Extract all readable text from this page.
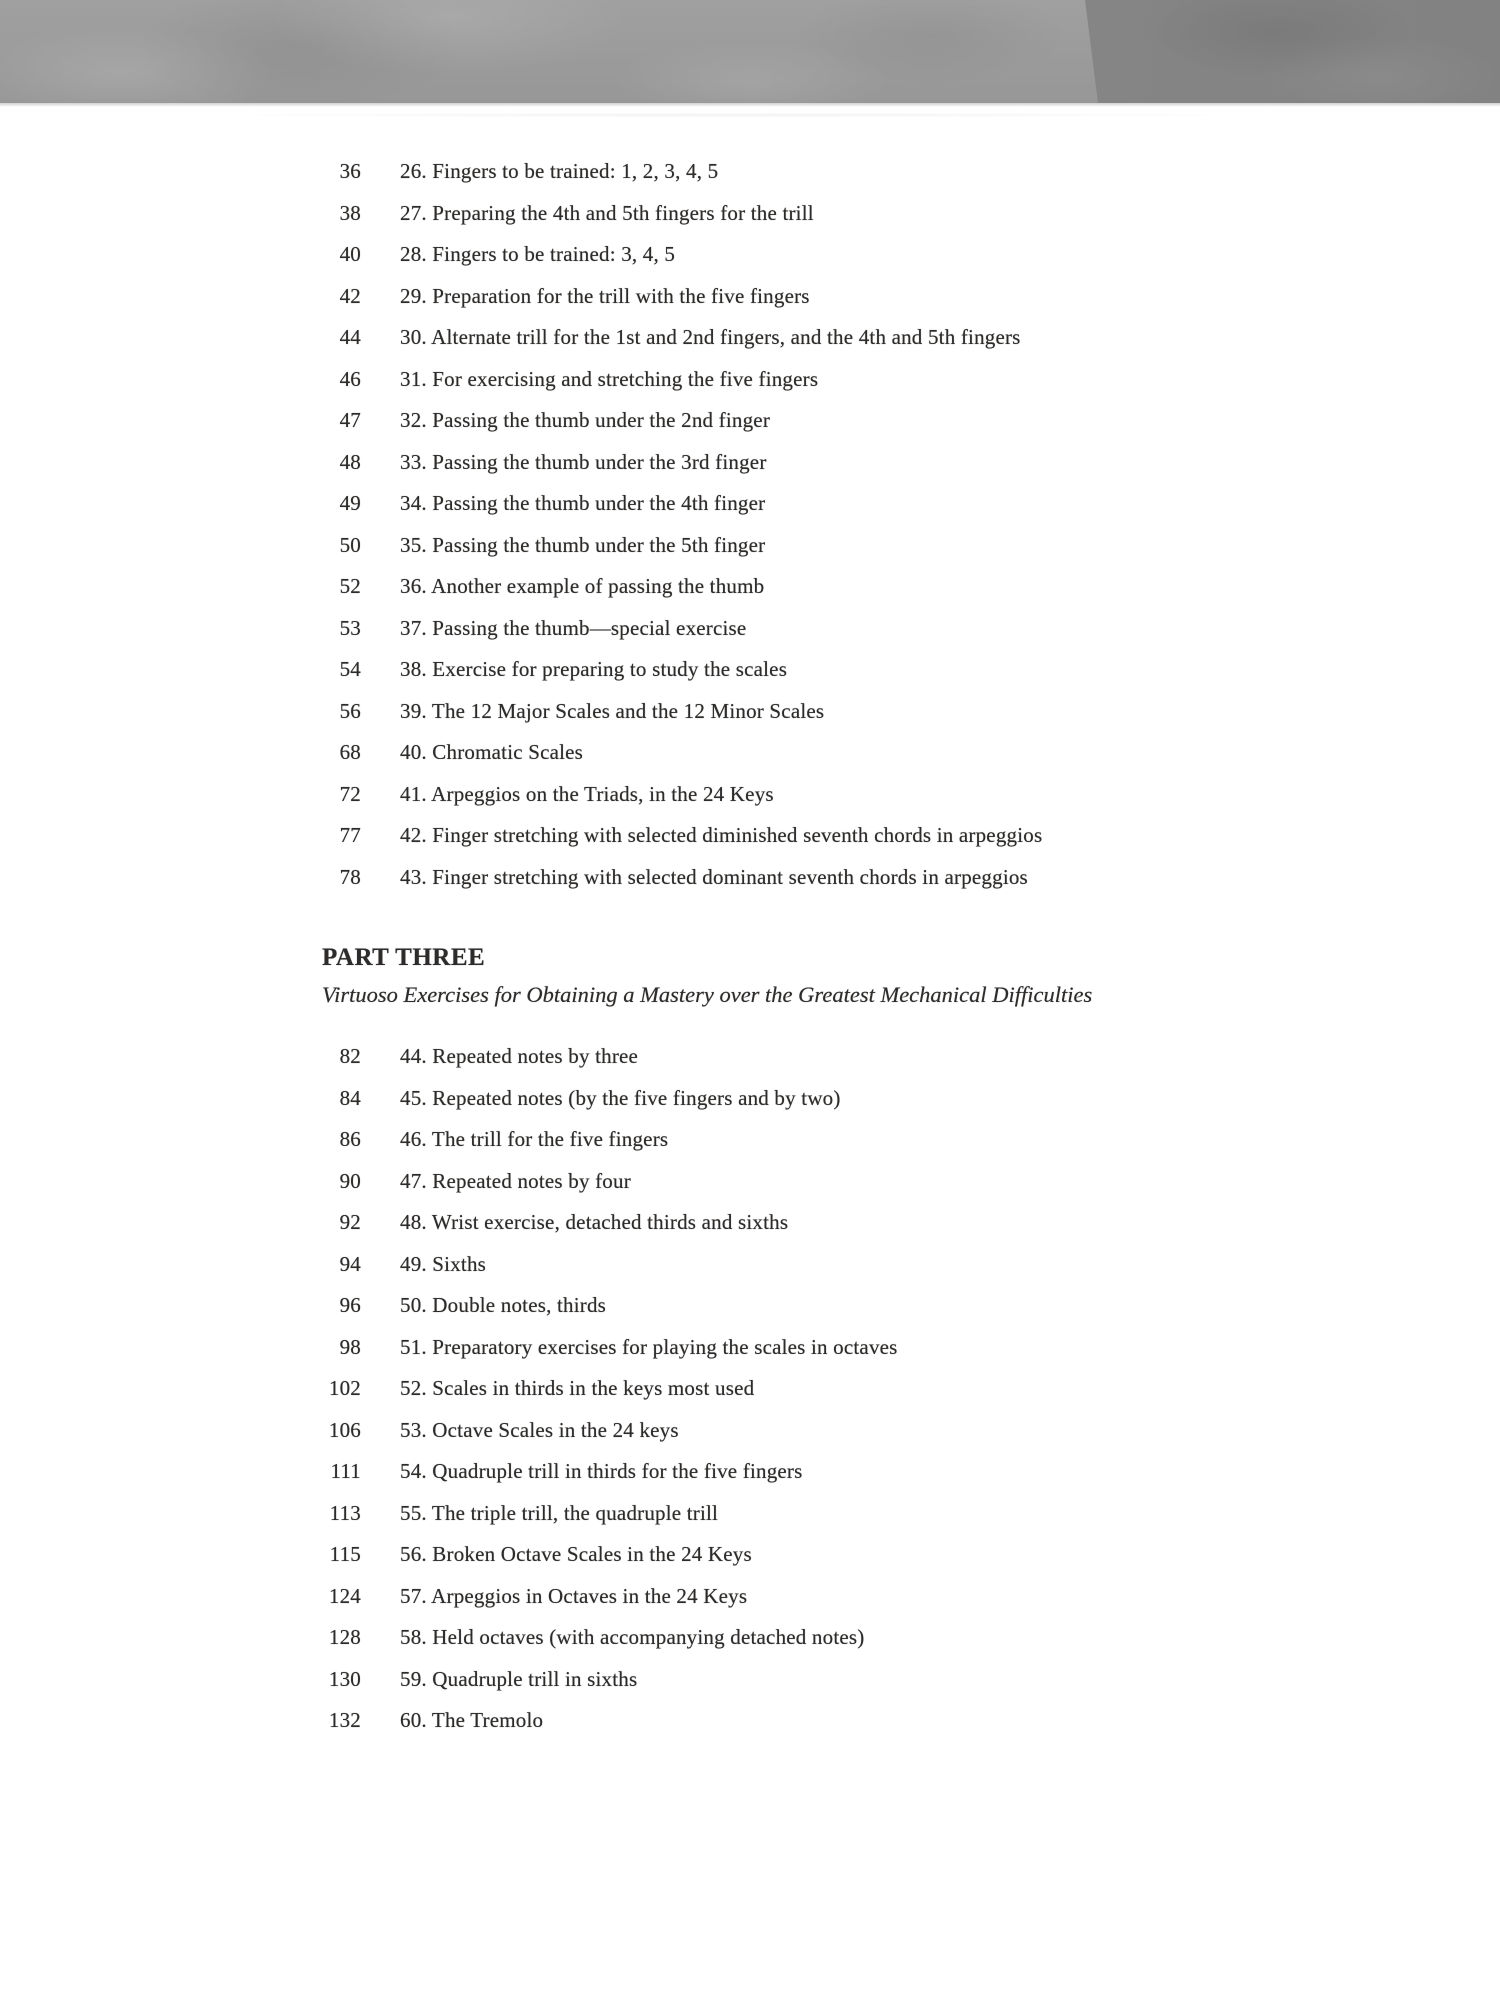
36 26. Fingers to be trained: 1, 2, 3, 4, 5
38 27. Preparing the 4th and 5th fingers for the trill
40 28. Fingers to be trained: 3, 4, 5
42 29. Preparation for the trill with the five fingers
44 30. Alternate trill for the 1st and 2nd fingers, and the 4th and 5th fingers
46 31. For exercising and stretching the five fingers
47 32. Passing the thumb under the 2nd finger
48 33. Passing the thumb under the 3rd finger
49 34. Passing the thumb under the 4th finger
50 35. Passing the thumb under the 5th finger
52 36. Another example of passing the thumb
53 37. Passing the thumb—special exercise
54 38. Exercise for preparing to study the scales
56 39. The 12 Major Scales and the 12 Minor Scales
68 40. Chromatic Scales
72 41. Arpeggios on the Triads, in the 24 Keys
77 42. Finger stretching with selected diminished seventh chords in arpeggios
78 43. Finger stretching with selected dominant seventh chords in arpeggios
PART THREE
Virtuoso Exercises for Obtaining a Mastery over the Greatest Mechanical Difficulties
82 44. Repeated notes by three
84 45. Repeated notes (by the five fingers and by two)
86 46. The trill for the five fingers
90 47. Repeated notes by four
92 48. Wrist exercise, detached thirds and sixths
94 49. Sixths
96 50. Double notes, thirds
98 51. Preparatory exercises for playing the scales in octaves
102 52. Scales in thirds in the keys most used
106 53. Octave Scales in the 24 keys
111 54. Quadruple trill in thirds for the five fingers
113 55. The triple trill, the quadruple trill
115 56. Broken Octave Scales in the 24 Keys
124 57. Arpeggios in Octaves in the 24 Keys
128 58. Held octaves (with accompanying detached notes)
130 59. Quadruple trill in sixths
132 60. The Tremolo
